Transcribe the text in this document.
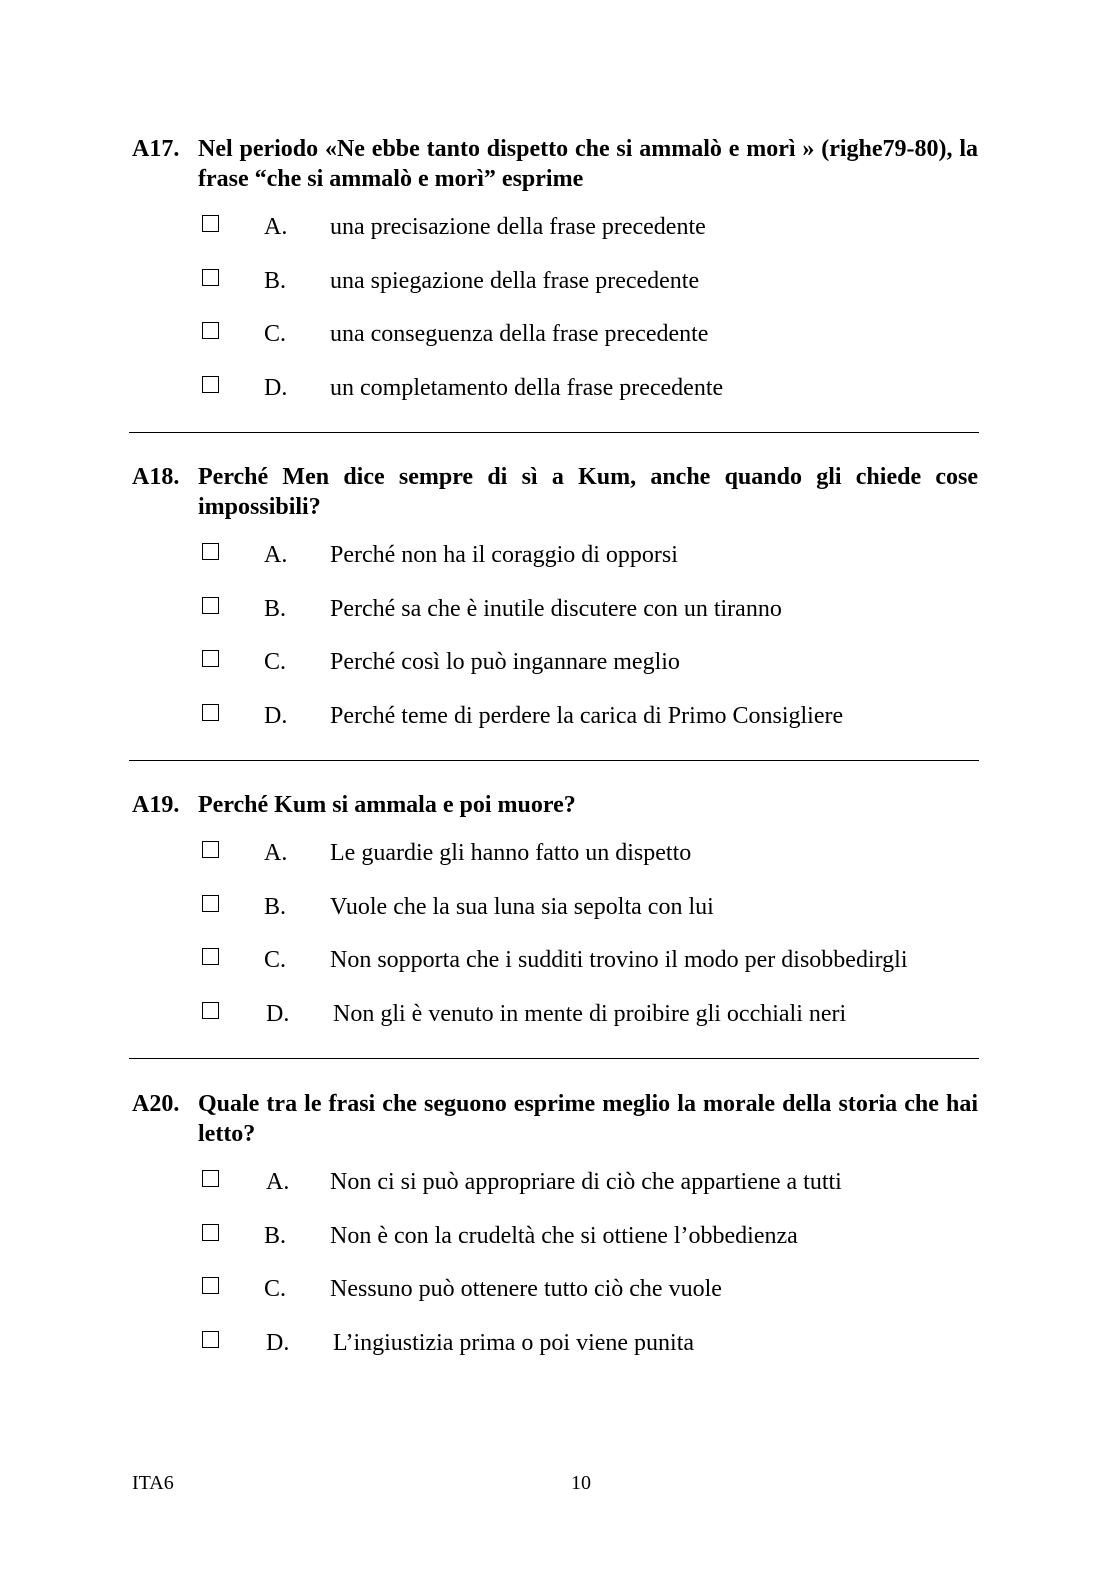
A17. Nel periodo «Ne ebbe tanto dispetto che si ammalò e morì » (righe79-80), la frase “che si ammalò e morì” esprime
A. una precisazione della frase precedente
B. una spiegazione della frase precedente
C. una conseguenza della frase precedente
D. un completamento della frase precedente
A18. Perché Men dice sempre di sì a Kum, anche quando gli chiede cose impossibili?
A. Perché non ha il coraggio di opporsi
B. Perché sa che è inutile discutere con un tiranno
C. Perché così lo può ingannare meglio
D. Perché teme di perdere la carica di Primo Consigliere
A19. Perché Kum si ammala e poi muore?
A. Le guardie gli hanno fatto un dispetto
B. Vuole che la sua luna sia sepolta con lui
C. Non sopporta che i sudditi trovino il modo per disobbedirgli
D. Non gli è venuto in mente di proibire gli occhiali neri
A20. Quale tra le frasi che seguono esprime meglio la morale della storia che hai letto?
A. Non ci si può appropriare di ciò che appartiene a tutti
B. Non è con la crudeltà che si ottiene l’obbedienza
C. Nessuno può ottenere tutto ciò che vuole
D. L’ingiustizia prima o poi viene punita
ITA6	10
